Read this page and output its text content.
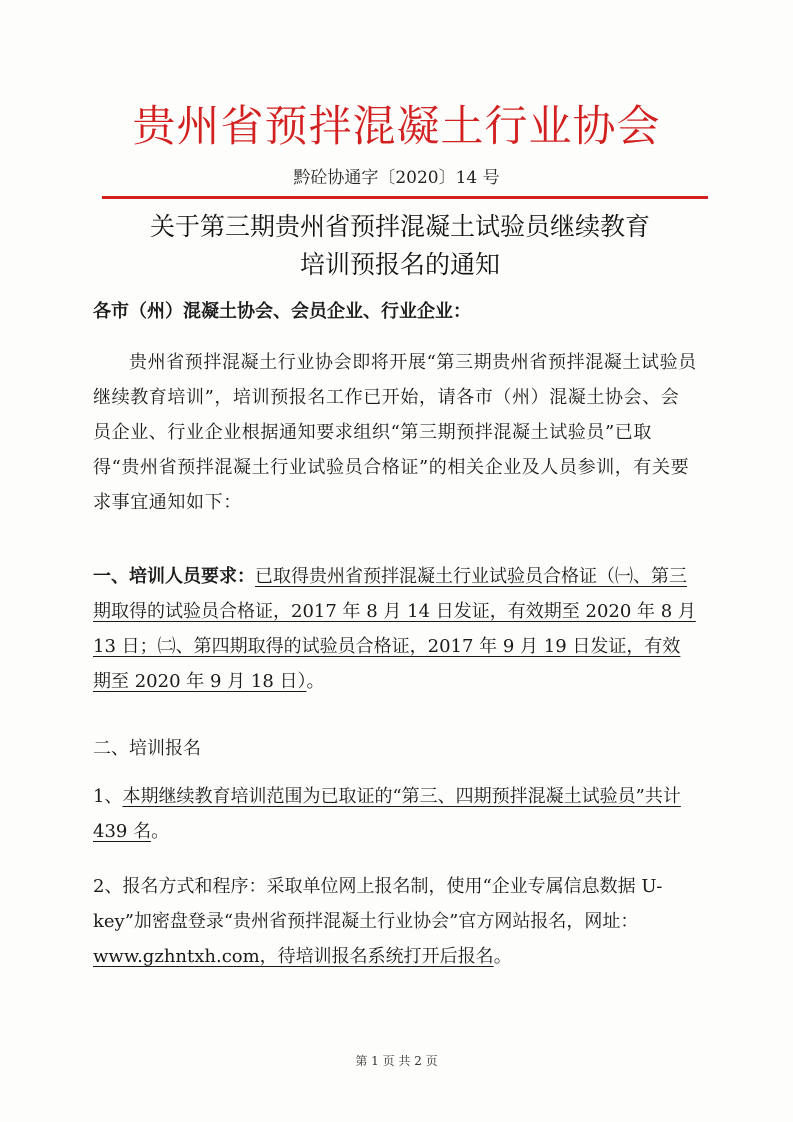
贵州省预拌混凝土行业协会
黔砼协通字〔2020〕14 号
关于第三期贵州省预拌混凝土试验员继续教育
培训预报名的通知
各市（州）混凝土协会、会员企业、行业企业：
贵州省预拌混凝土行业协会即将开展“第三期贵州省预拌混凝土试验员继续教育培训”，培训预报名工作已开始，请各市（州）混凝土协会、会员企业、行业企业根据通知要求组织“第三期预拌混凝土试验员”已取得“贵州省预拌混凝土行业试验员合格证”的相关企业及人员参训，有关要求事宜通知如下：
一、培训人员要求：已取得贵州省预拌混凝土行业试验员合格证（㈠、第三期取得的试验员合格证，2017 年 8 月 14 日发证，有效期至 2020 年 8 月 13 日；㈡、第四期取得的试验员合格证，2017 年 9 月 19 日发证，有效期至 2020 年 9 月 18 日）。
二、培训报名
1、本期继续教育培训范围为已取证的“第三、四期预拌混凝土试验员”共计 439 名。
2、报名方式和程序：采取单位网上报名制，使用“企业专属信息数据 U-key”加密盘登录“贵州省预拌混凝土行业协会”官方网站报名，网址：www.gzhntxh.com，待培训报名系统打开后报名。
第 1 页 共 2 页
